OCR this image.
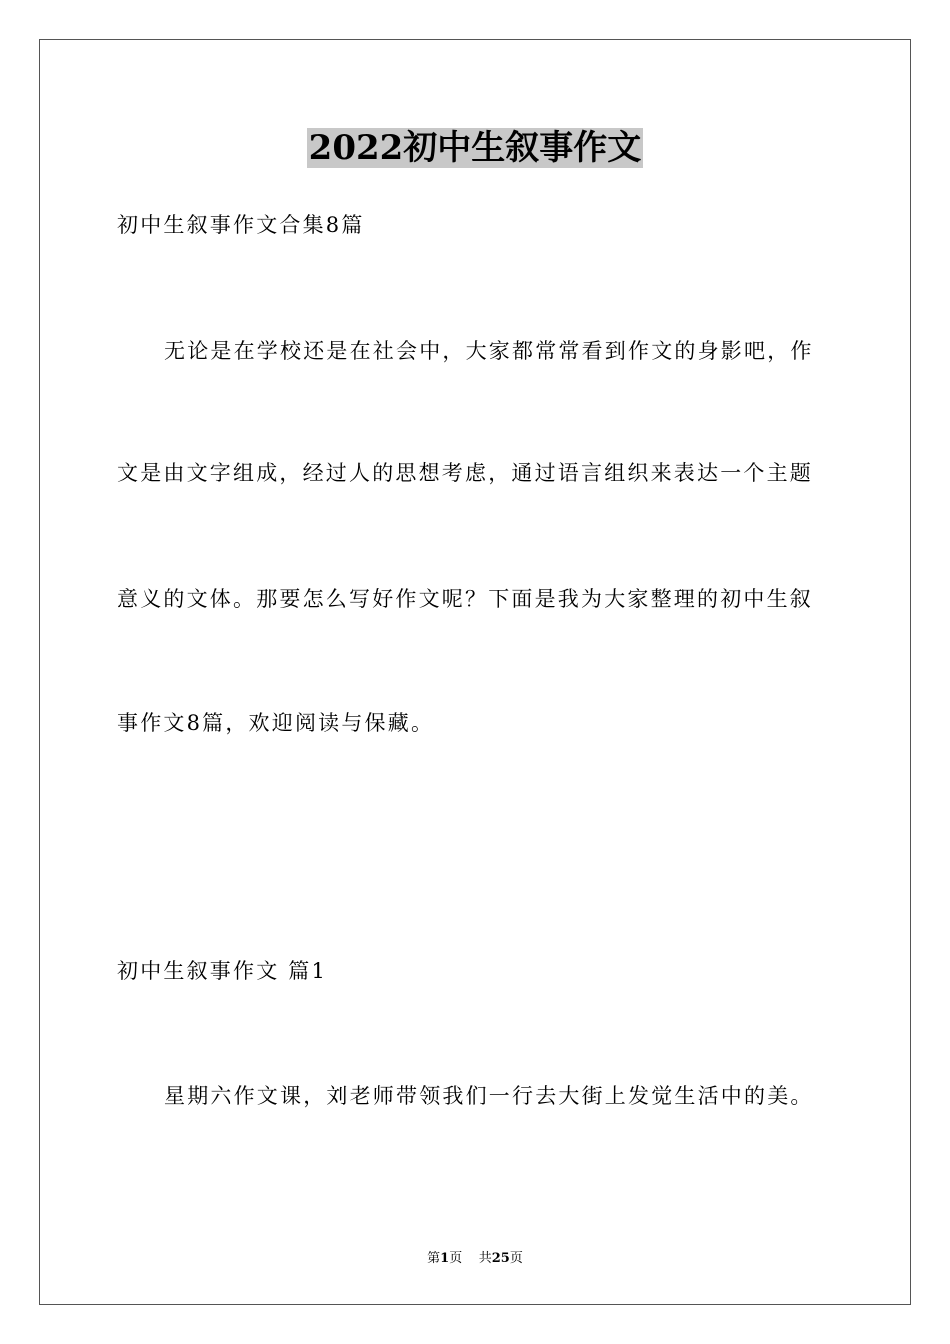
2022初中生叙事作文
初中生叙事作文合集8篇
无论是在学校还是在社会中，大家都常常看到作文的身影吧，作
文是由文字组成，经过人的思想考虑，通过语言组织来表达一个主题
意义的文体。那要怎么写好作文呢？下面是我为大家整理的初中生叙
事作文8篇，欢迎阅读与保藏。
初中生叙事作文 篇1
星期六作文课，刘老师带领我们一行去大街上发觉生活中的美。
第1页 共25页
